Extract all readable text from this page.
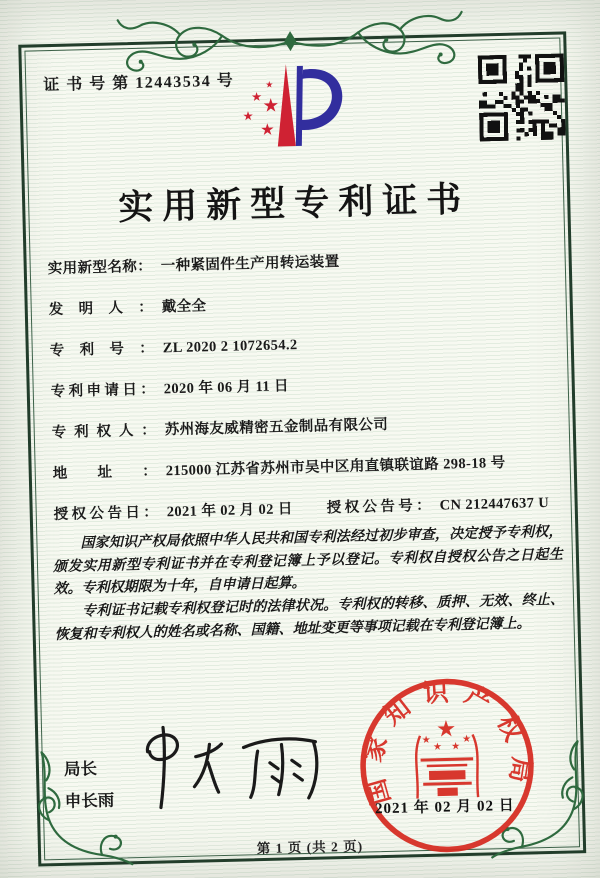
证 书 号 第 12443534 号
实用新型专利证书
实用新型名称： 一种紧固件生产用转运装置
发明人： 戴全全
专利号： ZL 2020 2 1072654.2
专利申请日： 2020 年 06 月 11 日
专利权人： 苏州海友威精密五金制品有限公司
地址： 215000 江苏省苏州市吴中区甪直镇联谊路 298-18 号
授权公告日： 2021 年 02 月 02 日 授权公告号： CN 212447637 U

国家知识产权局依照中华人民共和国专利法经过初步审查，决定授予专利权，颁发实用新型专利证书并在专利登记簿上予以登记。专利权自授权公告之日起生效。专利权期限为十年，自申请日起算。

专利证书记载专利权登记时的法律状况。专利权的转移、质押、无效、终止、恢复和专利权人的姓名或名称、国籍、地址变更等事项记载在专利登记簿上。

局长
申长雨	国家知识产权局
2021 年 02 月 02 日
第 1 页 (共 2 页)
